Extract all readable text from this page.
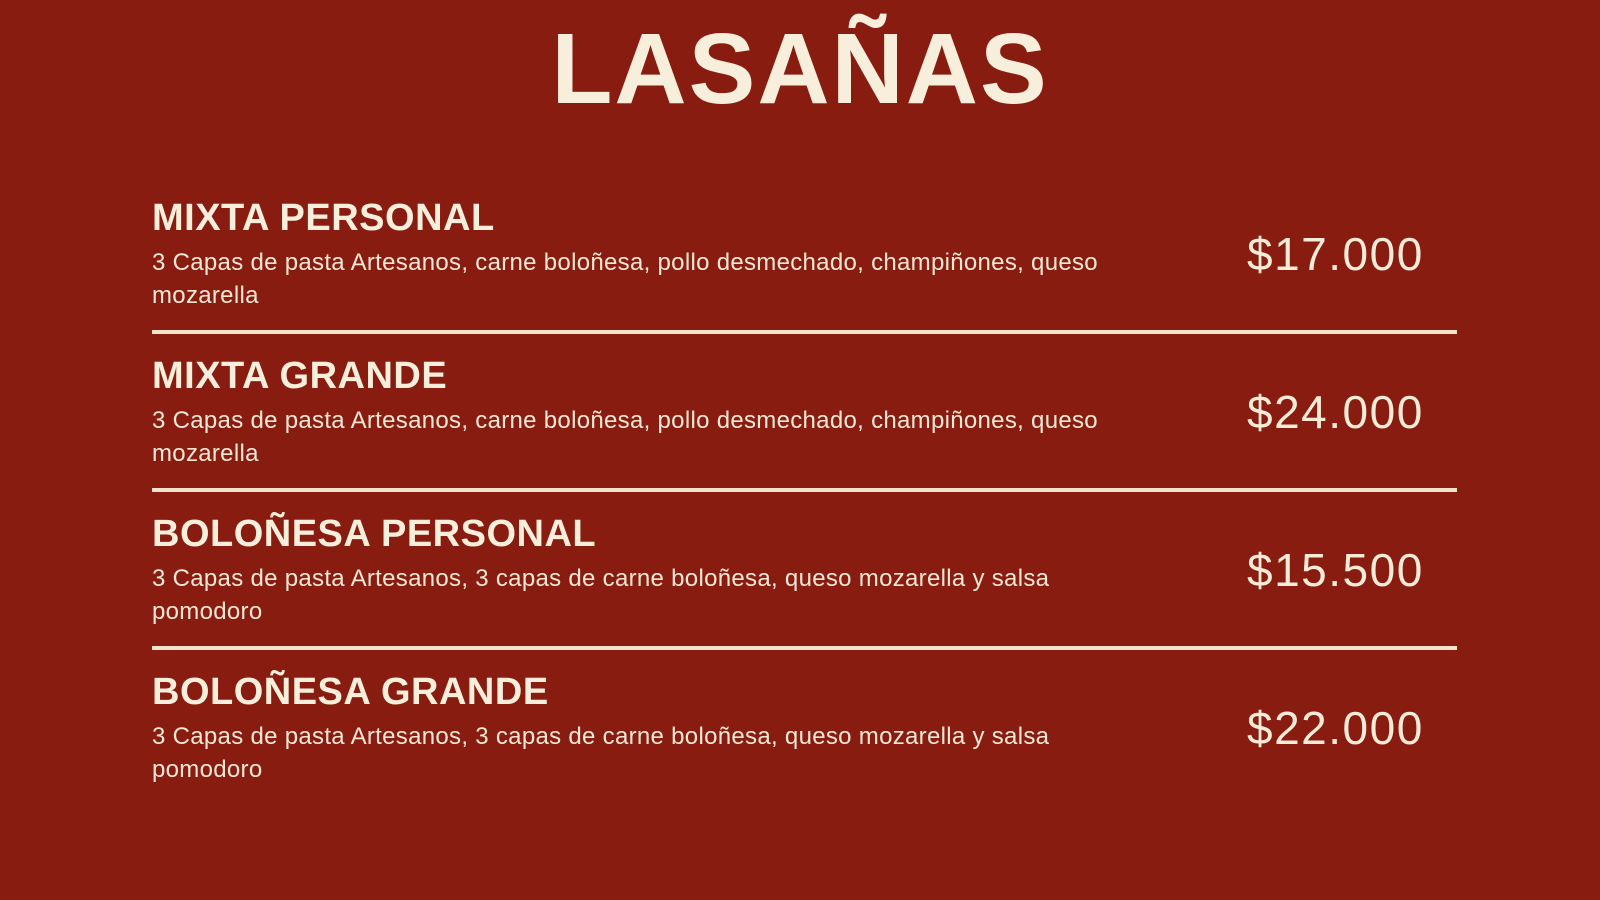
LASAÑAS
MIXTA PERSONAL
3 Capas de pasta Artesanos, carne boloñesa, pollo desmechado, champiñones, queso
mozarella
$17.000
MIXTA GRANDE
3 Capas de pasta Artesanos, carne boloñesa, pollo desmechado, champiñones, queso
mozarella
$24.000
BOLOÑESA PERSONAL
3 Capas de pasta Artesanos, 3 capas de carne boloñesa, queso mozarella y salsa
pomodoro
$15.500
BOLOÑESA GRANDE
3 Capas de pasta Artesanos, 3 capas de carne boloñesa, queso mozarella y salsa
pomodoro
$22.000
